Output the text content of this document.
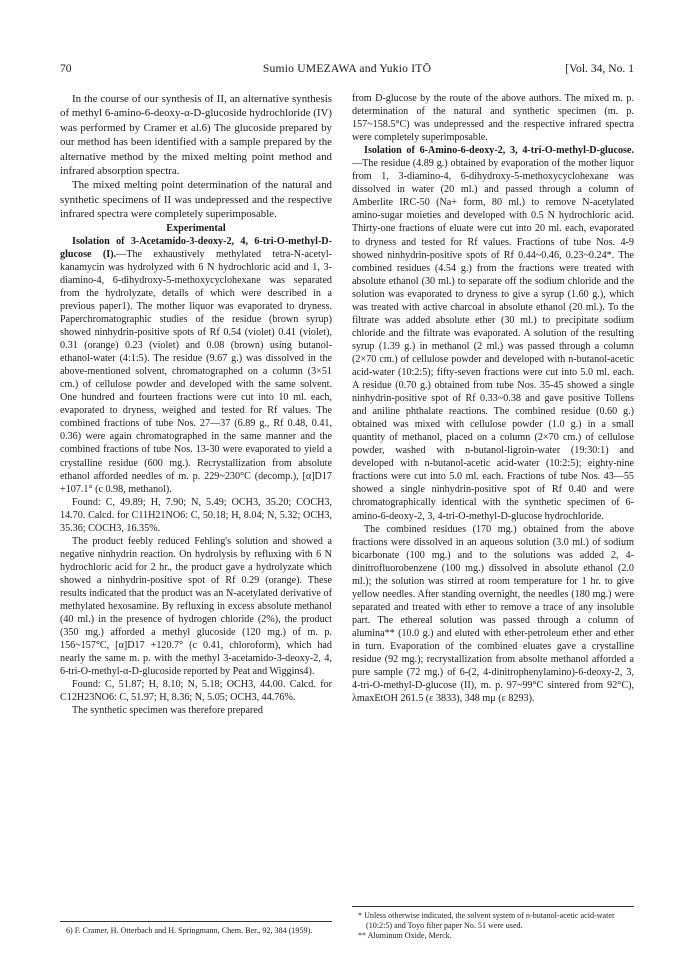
70	Sumio UMEZAWA and Yukio ITŌ	[Vol. 34, No. 1

In the course of our synthesis of II, an alternative synthesis of methyl 6-amino-6-deoxy-α-D-glucoside hydrochloride (IV) was performed by Cramer et al.6) The glucoside prepared by our method has been identified with a sample prepared by the alternative method by the mixed melting point method and infrared absorption spectra.

The mixed melting point determination of the natural and synthetic specimens of II was undepressed and the respective infrared spectra were completely superimposable.

Experimental

Isolation of 3-Acetamido-3-deoxy-2, 4, 6-tri-O-methyl-D-glucose (I).—The exhaustively methylated tetra-N-acetyl-kanamycin was hydrolyzed with 6 N hydrochloric acid and 1, 3-diamino-4, 6-dihydroxy-5-methoxycyclohexane was separated from the hydrolyzate, details of which were described in a previous paper1). The mother liquor was evaporated to dryness. Paperchromatographic studies of the residue (brown syrup) showed ninhydrin-positive spots of Rf 0.54 (violet) 0.41 (violet), 0.31 (orange) 0.23 (violet) and 0.08 (brown) using butanol-ethanol-water (4:1:5). The residue (9.67 g.) was dissolved in the above-mentioned solvent, chromatographed on a column (3×51 cm.) of cellulose powder and developed with the same solvent. One hundred and fourteen fractions were cut into 10 ml. each, evaporated to dryness, weighed and tested for Rf values. The combined fractions of tube Nos. 27—37 (6.89 g., Rf 0.48, 0.41, 0.36) were again chromatographed in the same manner and the combined fractions of tube Nos. 13-30 were evaporated to yield a crystalline residue (600 mg.). Recrystallization from absolute ethanol afforded needles of m. p. 229~230°C (decomp.), [α]D17 +107.1° (c 0.98, methanol).

Found: C, 49.89; H, 7.90; N, 5.49; OCH3, 35.20; COCH3, 14.70. Calcd. for C11H21NO6: C, 50.18; H, 8.04; N, 5.32; OCH3, 35.36; COCH3, 16.35%.

The product feebly reduced Fehling's solution and showed a negative ninhydrin reaction. On hydrolysis by refluxing with 6 N hydrochloric acid for 2 hr., the product gave a hydrolyzate which showed a ninhydrin-positive spot of Rf 0.29 (orange). These results indicated that the product was an N-acetylated derivative of methylated hexosamine. By refluxing in excess absolute methanol (40 ml.) in the presence of hydrogen chloride (2%), the product (350 mg.) afforded a methyl glucoside (120 mg.) of m. p. 156~157°C, [α]D17 +120.7° (c 0.41, chloroform), which had nearly the same m. p. with the methyl 3-acetamido-3-deoxy-2, 4, 6-tri-O-methyl-α-D-glucoside reported by Peat and Wiggins4).

Found: C, 51.87; H, 8.10; N, 5.18; OCH3, 44.00. Calcd. for C12H23NO6: C, 51.97; H, 8.36; N, 5.05; OCH3, 44.76%.

The synthetic specimen was therefore prepared

from D-glucose by the route of the above authors. The mixed m. p. determination of the natural and synthetic specimen (m. p. 157~158.5°C) was undepressed and the respective infrared spectra were completely superimposable.

Isolation of 6-Amino-6-deoxy-2, 3, 4-tri-O-methyl-D-glucose.—The residue (4.89 g.) obtained by evaporation of the mother liquor from 1, 3-diamino-4, 6-dihydroxy-5-methoxycyclohexane was dissolved in water (20 ml.) and passed through a column of Amberlite IRC-50 (Na+ form, 80 ml.) to remove N-acetylated amino-sugar moieties and developed with 0.5 N hydrochloric acid. Thirty-one fractions of eluate were cut into 20 ml. each, evaporated to dryness and tested for Rf values. Fractions of tube Nos. 4-9 showed ninhydrin-positive spots of Rf 0.44~0.46, 0.23~0.24*. The combined residues (4.54 g.) from the fractions were treated with absolute ethanol (30 ml.) to separate off the sodium chloride and the solution was evaporated to dryness to give a syrup (1.60 g.), which was treated with active charcoal in absolute ethanol (20 ml.). To the filtrate was added absolute ether (30 ml.) to precipitate sodium chloride and the filtrate was evaporated. A solution of the resulting syrup (1.39 g.) in methanol (2 ml.) was passed through a column (2×70 cm.) of cellulose powder and developed with n-butanol-acetic acid-water (10:2:5); fifty-seven fractions were cut into 5.0 ml. each. A residue (0.70 g.) obtained from tube Nos. 35-45 showed a single ninhydrin-positive spot of Rf 0.33~0.38 and gave positive Tollens and aniline phthalate reactions. The combined residue (0.60 g.) obtained was mixed with cellulose powder (1.0 g.) in a small quantity of methanol, placed on a column (2×70 cm.) of cellulose powder, washed with n-butanol-ligroin-water (19:30:1) and developed with n-butanol-acetic acid-water (10:2:5); eighty-nine fractions were cut into 5.0 ml. each. Fractions of tube Nos. 43—55 showed a single ninhydrin-positive spot of Rf 0.40 and were chromatographically identical with the synthetic specimen of 6-amino-6-deoxy-2, 3, 4-tri-O-methyl-D-glucose hydrochloride.

The combined residues (170 mg.) obtained from the above fractions were dissolved in an aqueous solution (3.0 ml.) of sodium bicarbonate (100 mg.) and to the solutions was added 2, 4-dinitrofluorobenzene (100 mg.) dissolved in absolute ethanol (2.0 ml.); the solution was stirred at room temperature for 1 hr. to give yellow needles. After standing overnight, the needles (180 mg.) were separated and treated with ether to remove a trace of any insoluble part. The ethereal solution was passed through a column of alumina** (10.0 g.) and eluted with ether-petroleum ether and ether in turn. Evaporation of the combined eluates gave a crystalline residue (92 mg.); recrystallization from absolte methanol afforded a pure sample (72 mg.) of 6-(2, 4-dinitrophenylamino)-6-deoxy-2, 3, 4-tri-O-methyl-D-glucose (II), m. p. 97~99°C sintered from 92°C), λmaxEtOH 261.5 (ε 3833), 348 mμ (ε 8293).

6) F. Cramer, H. Otterbach and H. Springmann, Chem. Ber., 92, 384 (1959).
* Unless otherwise indicated, the solvent system of n-butanol-acetic acid-water (10:2:5) and Toyo filter paper No. 51 were used.
** Aluminum Oxide, Merck.
